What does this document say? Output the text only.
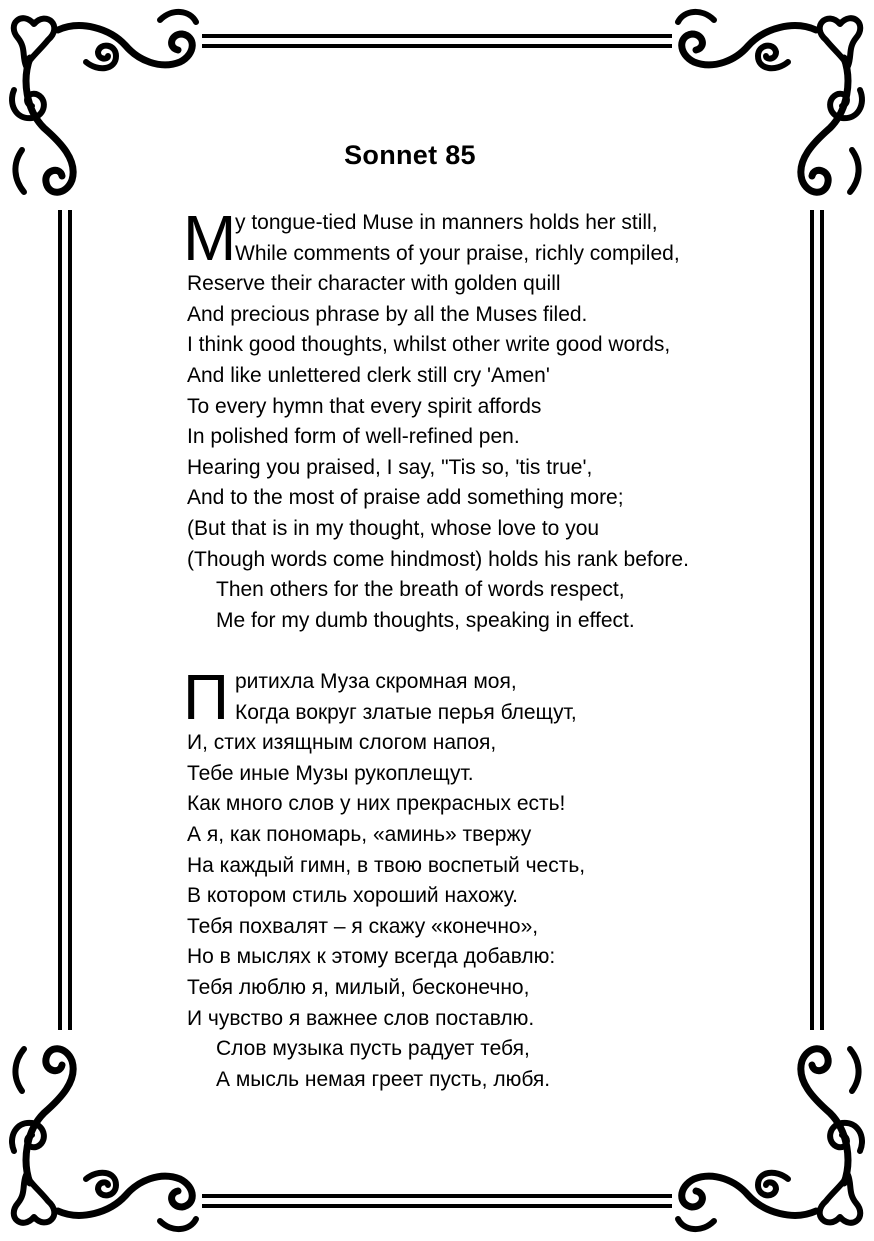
Sonnet 85
M
y tongue-tied Muse in manners holds her still,
While comments of your praise, richly compiled,
Reserve their character with golden quill
And precious phrase by all the Muses filed.
I think good thoughts, whilst other write good words,
And like unlettered clerk still cry 'Amen'
To every hymn that every spirit affords
In polished form of well-refined pen.
Hearing you praised, I say, "Tis so, 'tis true',
And to the most of praise add something more;
(But that is in my thought, whose love to you
(Though words come hindmost) holds his rank before.
Then others for the breath of words respect,
Me for my dumb thoughts, speaking in effect.
П ритихла Муза скромная моя,
Когда вокруг златые перья блещут,
И, стих изящным слогом напоя,
Тебе иные Музы рукоплещут.
Как много слов у них прекрасных есть!
А я, как пономарь, «аминь» твержу
На каждый гимн, в твою воспетый честь,
В котором стиль хороший нахожу.
Тебя похвалят – я скажу «конечно»,
Но в мыслях к этому всегда добавлю:
Тебя люблю я, милый, бесконечно,
И чувство я важнее слов поставлю.
Слов музыка пусть радует тебя,
А мысль немая греет пусть, любя.
